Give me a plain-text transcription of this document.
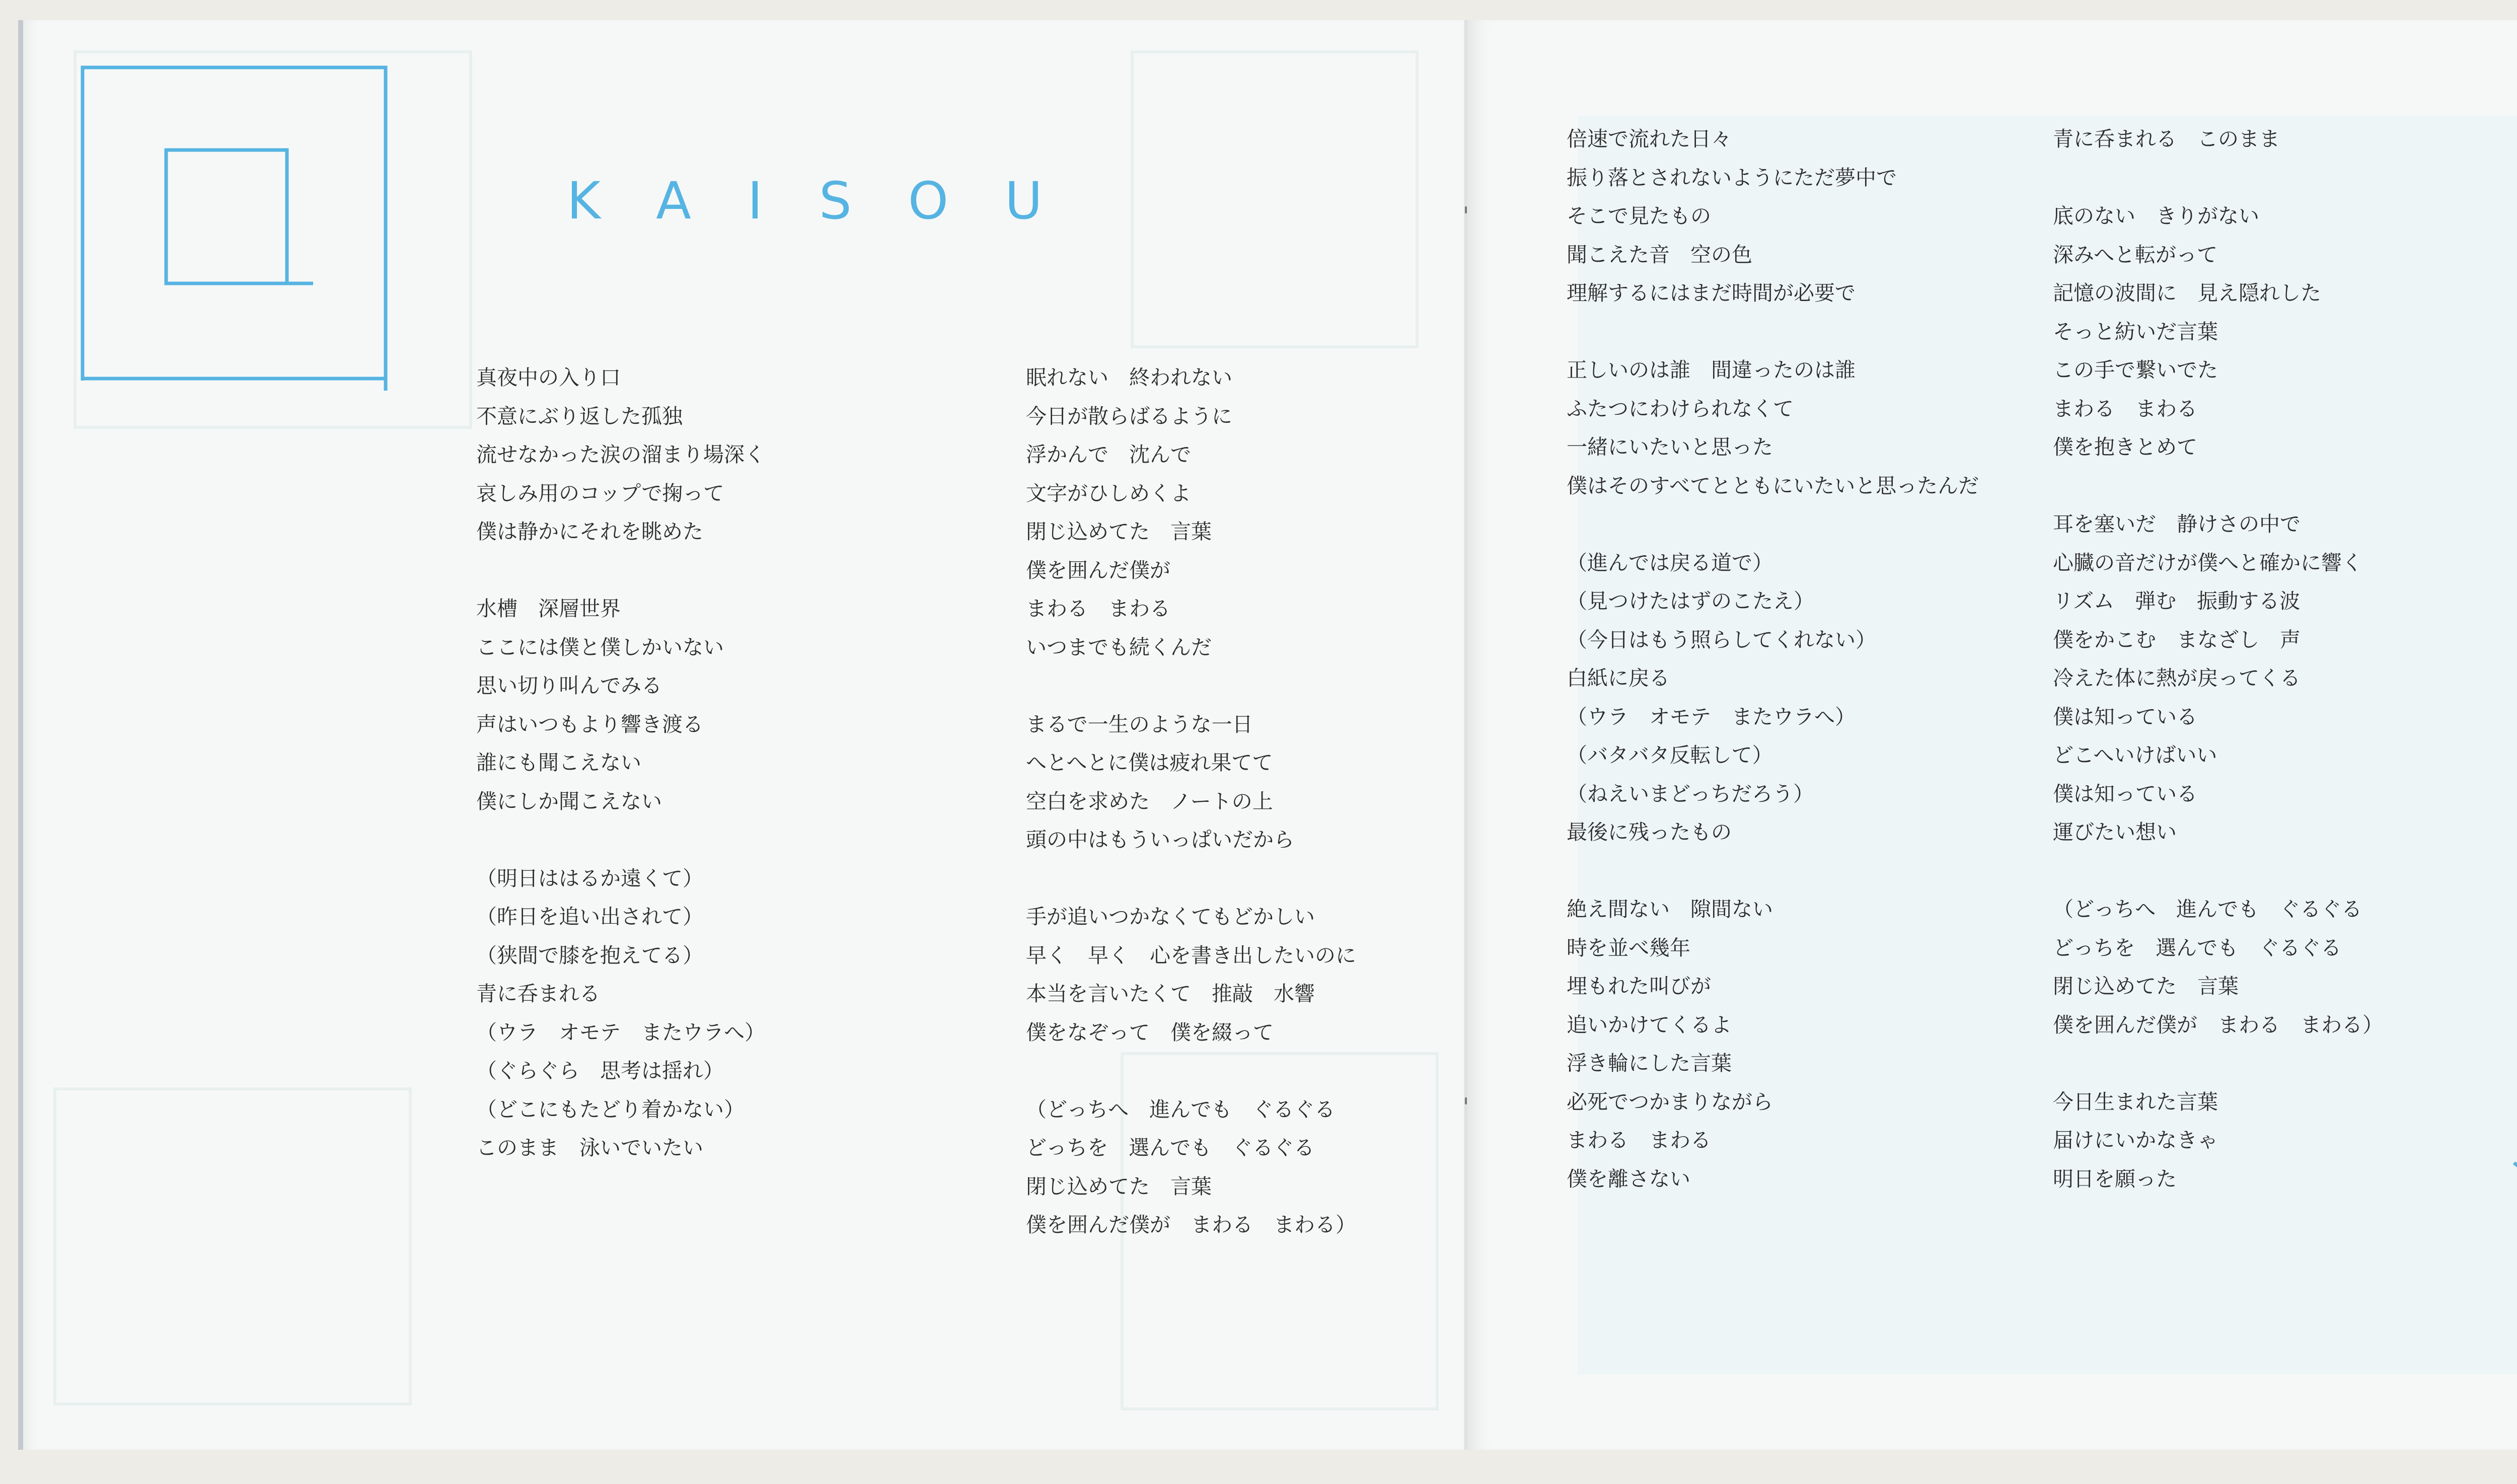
KAISOU
真夜中の入り口
不意にぶり返した孤独
流せなかった涙の溜まり場深く
哀しみ用のコップで掬って
僕は静かにそれを眺めた
水槽　深層世界
ここには僕と僕しかいない
思い切り叫んでみる
声はいつもより響き渡る
誰にも聞こえない
僕にしか聞こえない
（明日ははるか遠くて）
（昨日を追い出されて）
（狭間で膝を抱えてる）
青に呑まれる
（ウラ　オモテ　またウラへ）
（ぐらぐら　思考は揺れ）
（どこにもたどり着かない）
このまま　泳いでいたい
眠れない　終われない
今日が散らばるように
浮かんで　沈んで
文字がひしめくよ
閉じ込めてた　言葉
僕を囲んだ僕が
まわる　まわる
いつまでも続くんだ
まるで一生のような一日
へとへとに僕は疲れ果てて
空白を求めた　ノートの上
頭の中はもういっぱいだから
手が追いつかなくてもどかしい
早く　早く　心を書き出したいのに
本当を言いたくて　推敲　水響
僕をなぞって　僕を綴って
（どっちへ　進んでも　ぐるぐる
どっちを　選んでも　ぐるぐる
閉じ込めてた　言葉
僕を囲んだ僕が　まわる　まわる）
倍速で流れた日々
振り落とされないようにただ夢中で
そこで見たもの
聞こえた音　空の色
理解するにはまだ時間が必要で
正しいのは誰　間違ったのは誰
ふたつにわけられなくて
一緒にいたいと思った
僕はそのすべてとともにいたいと思ったんだ
（進んでは戻る道で）
（見つけたはずのこたえ）
（今日はもう照らしてくれない）
白紙に戻る
（ウラ　オモテ　またウラへ）
（バタバタ反転して）
（ねえいまどっちだろう）
最後に残ったもの
絶え間ない　隙間ない
時を並べ幾年
埋もれた叫びが
追いかけてくるよ
浮き輪にした言葉
必死でつかまりながら
まわる　まわる
僕を離さない
青に呑まれる　このまま
底のない　きりがない
深みへと転がって
記憶の波間に　見え隠れした
そっと紡いだ言葉
この手で繋いでた
まわる　まわる
僕を抱きとめて
耳を塞いだ　静けさの中で
心臓の音だけが僕へと確かに響く
リズム　弾む　振動する波
僕をかこむ　まなざし　声
冷えた体に熱が戻ってくる
僕は知っている
どこへいけばいい
僕は知っている
運びたい想い
（どっちへ　進んでも　ぐるぐる
どっちを　選んでも　ぐるぐる
閉じ込めてた　言葉
僕を囲んだ僕が　まわる　まわる）
今日生まれた言葉
届けにいかなきゃ
明日を願った
